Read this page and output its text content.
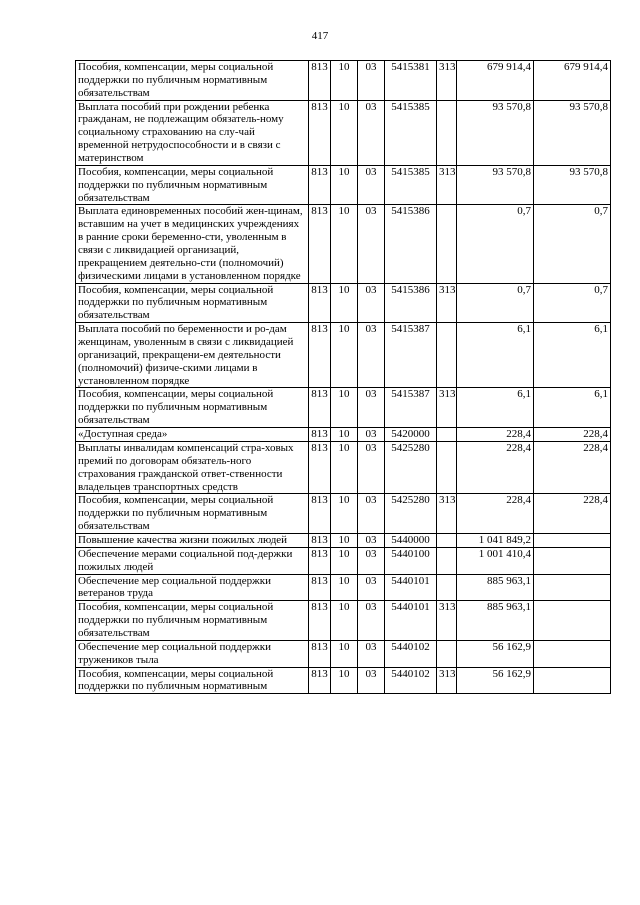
417
Пособия, компенсации, меры социальной поддержки по публичным нормативным обязательствам	813	10	03	5415381	313	679 914,4	679 914,4
Выплата пособий при рождении ребенка гражданам, не подлежащим обязатель-ному социальному страхованию на слу-чай временной нетрудоспособности и в связи с материнством	813	10	03	5415385		93 570,8	93 570,8
Пособия, компенсации, меры социальной поддержки по публичным нормативным обязательствам	813	10	03	5415385	313	93 570,8	93 570,8
Выплата единовременных пособий жен-щинам, вставшим на учет в медицинских учреждениях в ранние сроки беременно-сти, уволенным в связи с ликвидацией организаций, прекращением деятельно-сти (полномочий) физическими лицами в установленном порядке	813	10	03	5415386		0,7	0,7
Пособия, компенсации, меры социальной поддержки по публичным нормативным обязательствам	813	10	03	5415386	313	0,7	0,7
Выплата пособий по беременности и ро-дам женщинам, уволенным в связи с ликвидацией организаций, прекращени-ем деятельности (полномочий) физиче-скими лицами в установленном порядке	813	10	03	5415387		6,1	6,1
Пособия, компенсации, меры социальной поддержки по публичным нормативным обязательствам	813	10	03	5415387	313	6,1	6,1
«Доступная среда»	813	10	03	5420000		228,4	228,4
Выплаты инвалидам компенсаций стра-ховых премий по договорам обязатель-ного страхования гражданской ответ-ственности владельцев транспортных средств	813	10	03	5425280		228,4	228,4
Пособия, компенсации, меры социальной поддержки по публичным нормативным обязательствам	813	10	03	5425280	313	228,4	228,4
Повышение качества жизни пожилых людей	813	10	03	5440000		1 041 849,2	
Обеспечение мерами социальной под-держки пожилых людей	813	10	03	5440100		1 001 410,4	
Обеспечение мер социальной поддержки ветеранов труда	813	10	03	5440101		885 963,1	
Пособия, компенсации, меры социальной поддержки по публичным нормативным обязательствам	813	10	03	5440101	313	885 963,1	
Обеспечение мер социальной поддержки тружеников тыла	813	10	03	5440102		56 162,9	
Пособия, компенсации, меры социальной поддержки по публичным нормативным	813	10	03	5440102	313	56 162,9	
